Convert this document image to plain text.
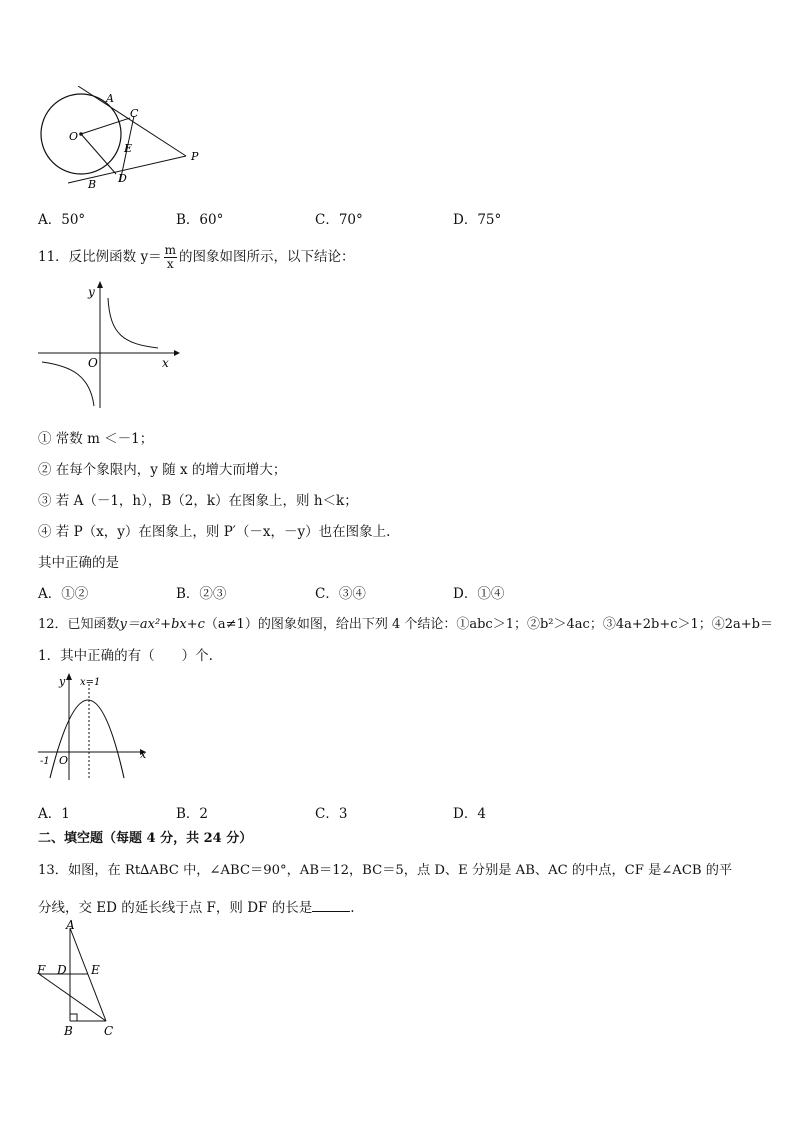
A
C
O
E
P
B D
A．50°	B．60°	C．70°	D．75°
11．反比例函数 $y= \frac{m}{x}$ 的图象如图所示，以下结论：
y
x
O
① 常数 m ＜－1；
② 在每个象限内，y 随 x 的增大而增大；
③ 若 A（－1，h），B（2，k）在图象上，则 h＜k；
④ 若 P（x，y）在图象上，则 P′（－x，－y）也在图象上.
其中正确的是
A．①②	B．②③	C．③④	D．①④
12．已知函数y＝ax²+bx+c（a≠1）的图象如图，给出下列 4 个结论：①abc＞1；②b²＞4ac；③4a+2b+c＞1；④2a+b＝
1．其中正确的有（　　）个.
y x=1
x
O
-1
A．1	B．2	C．3	D．4
二、填空题（每题 4 分，共 24 分）
13．如图，在 Rt∆ABC 中，∠ABC＝90°，AB＝12，BC＝5，点 D、E 分别是 AB、AC 的中点，CF 是∠ACB 的平
分线，交 ED 的延长线于点 F，则 DF 的长是	.
A
F D E
B	C
